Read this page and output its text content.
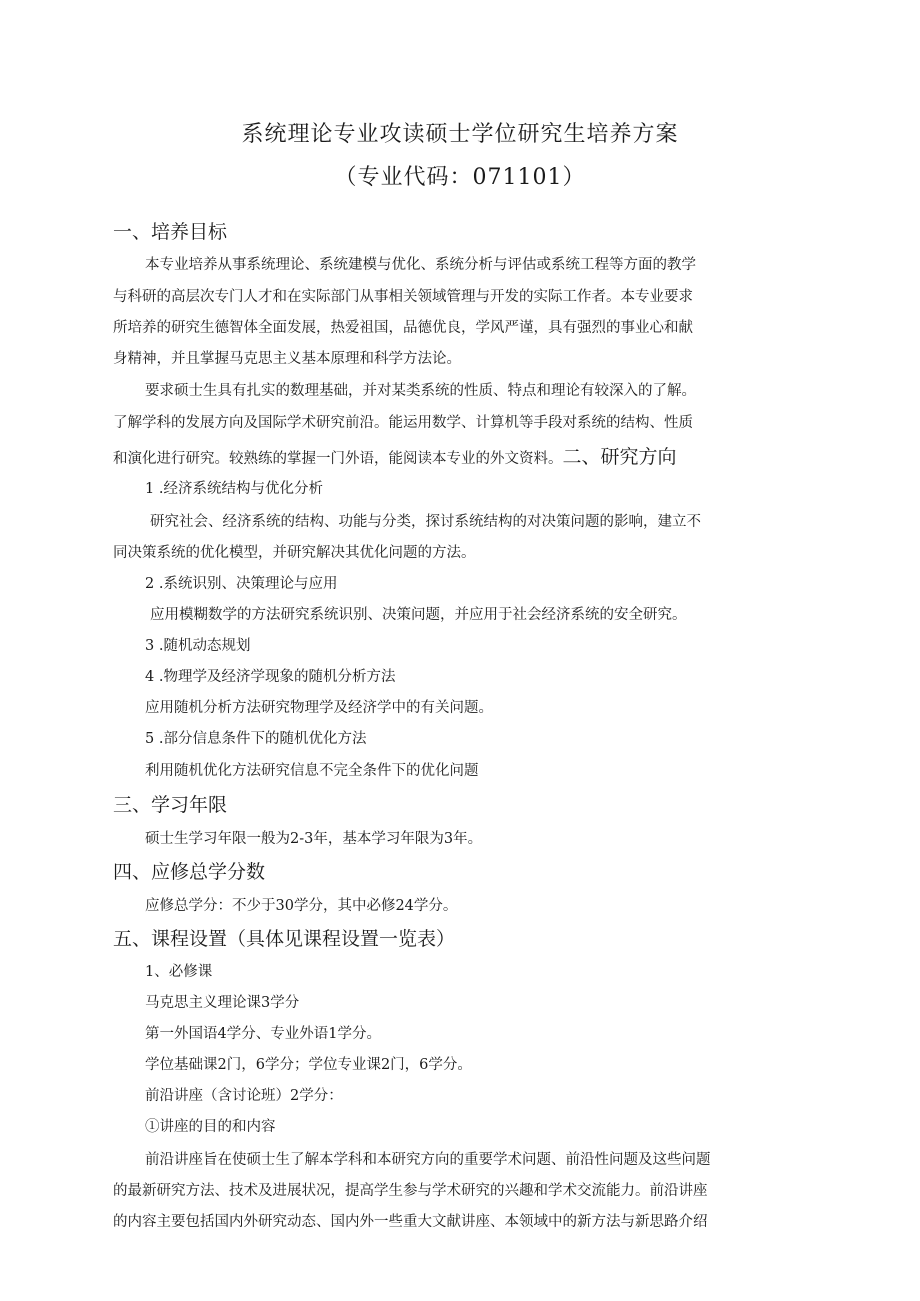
系统理论专业攻读硕士学位研究生培养方案
（专业代码：071101）
一、培养目标
本专业培养从事系统理论、系统建模与优化、系统分析与评估或系统工程等方面的教学
与科研的高层次专门人才和在实际部门从事相关领域管理与开发的实际工作者。本专业要求
所培养的研究生德智体全面发展，热爱祖国，品德优良，学风严谨，具有强烈的事业心和献
身精神，并且掌握马克思主义基本原理和科学方法论。
要求硕士生具有扎实的数理基础，并对某类系统的性质、特点和理论有较深入的了解。
了解学科的发展方向及国际学术研究前沿。能运用数学、计算机等手段对系统的结构、性质
和演化进行研究。较熟练的掌握一门外语，能阅读本专业的外文资料。二、研究方向
1 .经济系统结构与优化分析
研究社会、经济系统的结构、功能与分类，探讨系统结构的对决策问题的影响，建立不
同决策系统的优化模型，并研究解决其优化问题的方法。
2 .系统识别、决策理论与应用
应用模糊数学的方法研究系统识别、决策问题，并应用于社会经济系统的安全研究。
3 .随机动态规划
4 .物理学及经济学现象的随机分析方法
应用随机分析方法研究物理学及经济学中的有关问题。
5 .部分信息条件下的随机优化方法
利用随机优化方法研究信息不完全条件下的优化问题
三、学习年限
硕士生学习年限一般为2-3年，基本学习年限为3年。
四、应修总学分数
应修总学分：不少于30学分，其中必修24学分。
五、课程设置（具体见课程设置一览表）
1、必修课
马克思主义理论课3学分
第一外国语4学分、专业外语1学分。
学位基础课2门，6学分；学位专业课2门，6学分。
前沿讲座（含讨论班）2学分：
①讲座的目的和内容
前沿讲座旨在使硕士生了解本学科和本研究方向的重要学术问题、前沿性问题及这些问题
的最新研究方法、技术及进展状况，提高学生参与学术研究的兴趣和学术交流能力。前沿讲座
的内容主要包括国内外研究动态、国内外一些重大文献讲座、本领域中的新方法与新思路介绍
